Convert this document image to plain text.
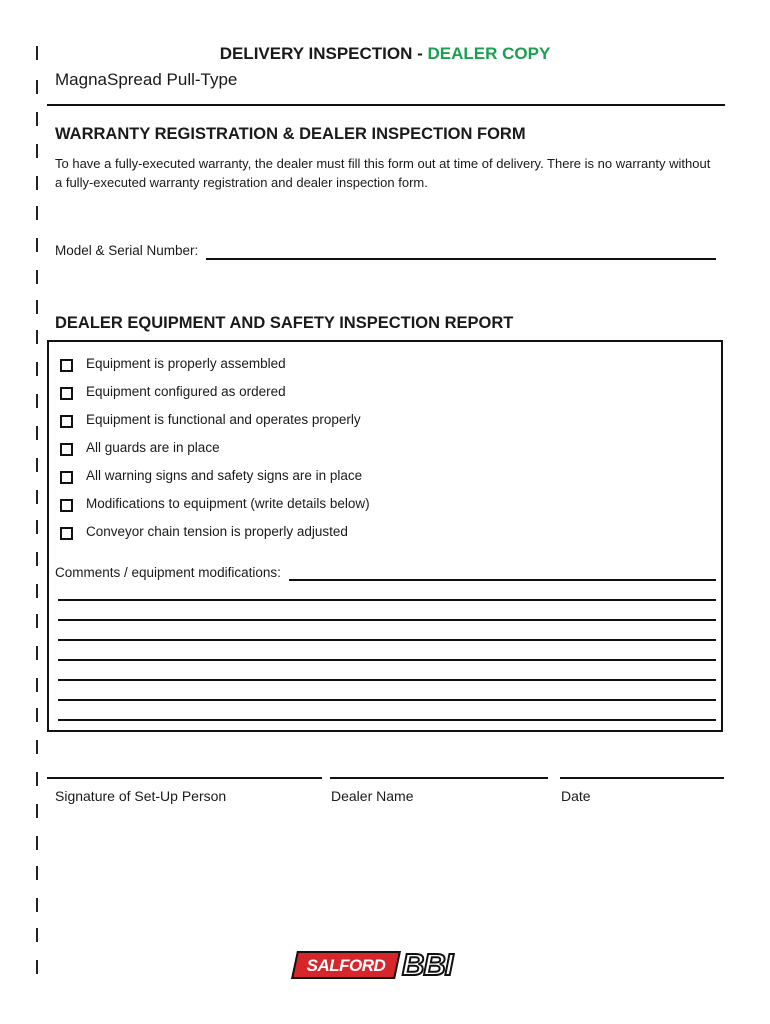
DELIVERY INSPECTION - DEALER COPY
MagnaSpread Pull-Type
WARRANTY REGISTRATION & DEALER INSPECTION FORM
To have a fully-executed warranty, the dealer must fill this form out at time of delivery. There is no warranty without a fully-executed warranty registration and dealer inspection form.
Model & Serial Number:
DEALER EQUIPMENT AND SAFETY INSPECTION REPORT
Equipment is properly assembled
Equipment configured as ordered
Equipment is functional and operates properly
All guards are in place
All warning signs and safety signs are in place
Modifications to equipment (write details below)
Conveyor chain tension is properly adjusted
Comments / equipment modifications:
Signature of Set-Up Person	Dealer Name	Date
SALFORD BBI
